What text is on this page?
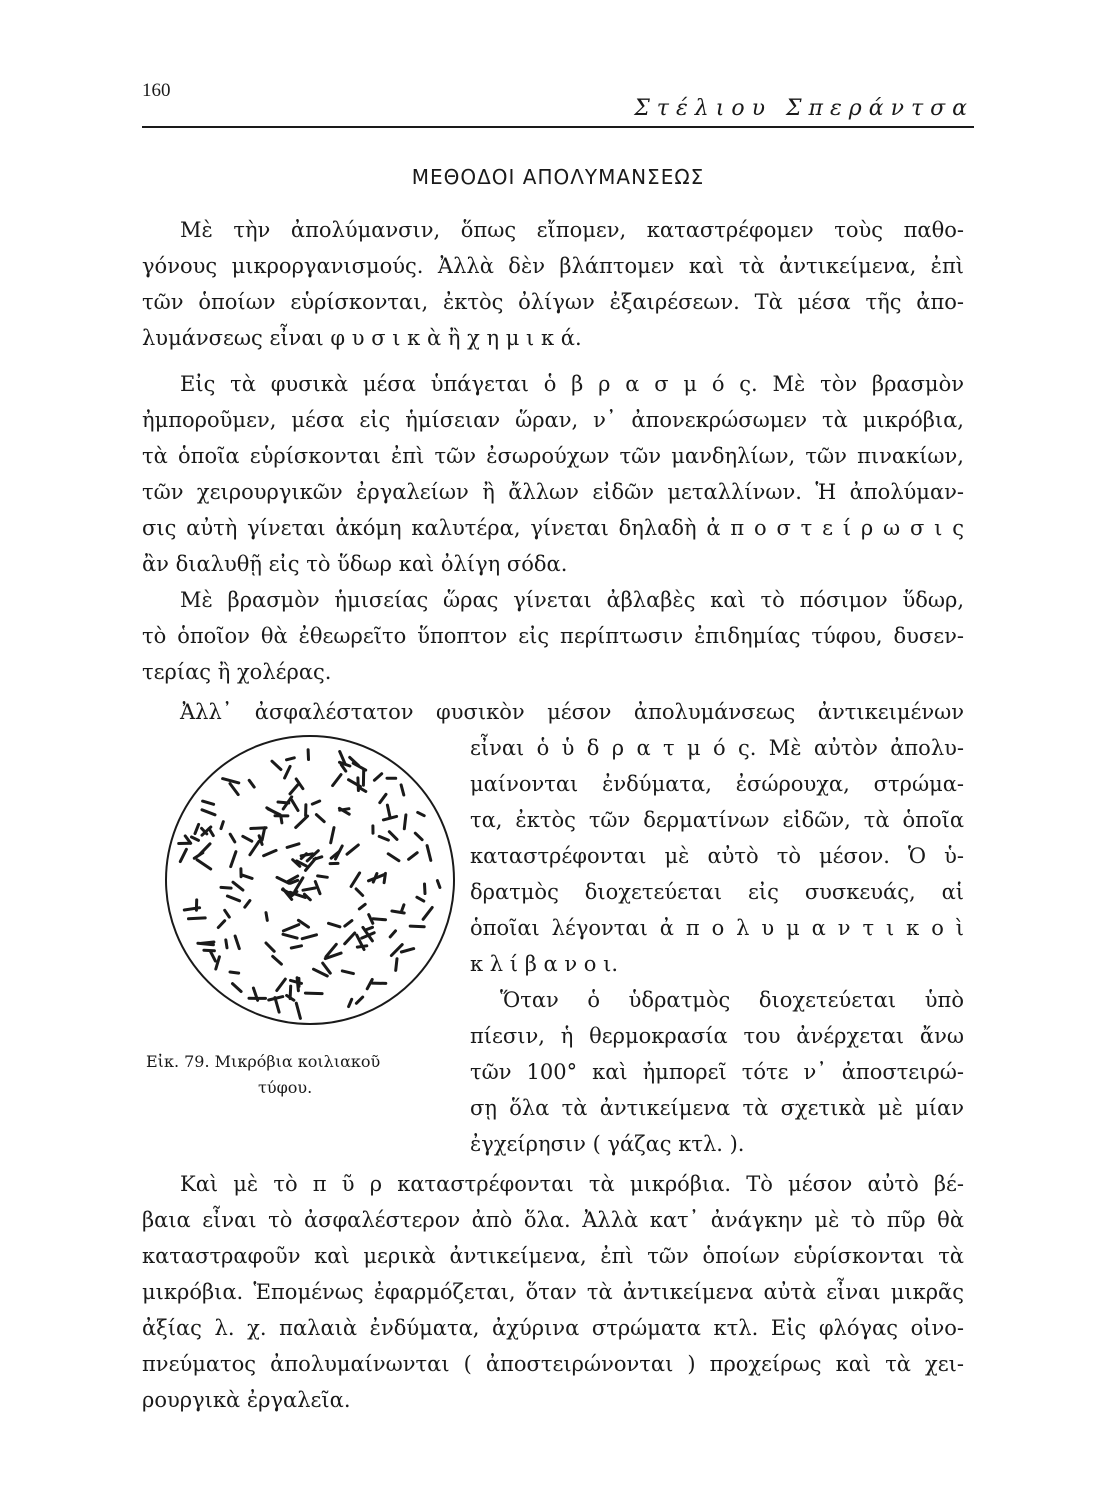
160
Στέλιου Σπεράντσα
ΜΕΘΟΔΟΙ ΑΠΟΛΥΜΑΝΣΕΩΣ
Μὲ τὴν ἀπολύμανσιν, ὅπως εἴπομεν, καταστρέφομεν τοὺς παθο-
γόνους μικροργανισμούς. Ἀλλὰ δὲν βλάπτομεν καὶ τὰ ἀντικείμενα, ἐπὶ
τῶν ὁποίων εὑρίσκονται, ἐκτὸς ὀλίγων ἐξαιρέσεων. Τὰ μέσα τῆς ἀπο-
λυμάνσεως εἶναι φ υ σ ι κ ὰ ἢ χ η μ ι κ ά.
Εἰς τὰ φυσικὰ μέσα ὑπάγεται ὁ β ρ α σ μ ό ς. Μὲ τὸν βρασμὸν
ἠμποροῦμεν, μέσα εἰς ἡμίσειαν ὥραν, ν᾽ ἀπονεκρώσωμεν τὰ μικρόβια,
τὰ ὁποῖα εὑρίσκονται ἐπὶ τῶν ἐσωρούχων τῶν μανδηλίων, τῶν πινακίων,
τῶν χειρουργικῶν ἐργαλείων ἢ ἄλλων εἰδῶν μεταλλίνων. Ἡ ἀπολύμαν-
σις αὐτὴ γίνεται ἀκόμη καλυτέρα, γίνεται δηλαδὴ ἀ π ο σ τ ε ί ρ ω σ ι ς
ἂν διαλυθῇ εἰς τὸ ὕδωρ καὶ ὀλίγη σόδα.
Μὲ βρασμὸν ἡμισείας ὥρας γίνεται ἀβλαβὲς καὶ τὸ πόσιμον ὕδωρ,
τὸ ὁποῖον θὰ ἐθεωρεῖτο ὕποπτον εἰς περίπτωσιν ἐπιδημίας τύφου, δυσεν-
τερίας ἢ χολέρας.
Ἀλλ᾽ ἀσφαλέστατον φυσικὸν μέσον ἀπολυμάνσεως ἀντικειμένων
εἶναι ὁ ὑ δ ρ α τ μ ό ς. Μὲ αὐτὸν ἀπολυ-
μαίνονται ἐνδύματα, ἐσώρουχα, στρώμα-
τα, ἐκτὸς τῶν δερματίνων εἰδῶν, τὰ ὁποῖα
καταστρέφονται μὲ αὐτὸ τὸ μέσον. Ὁ ὑ-
δρατμὸς διοχετεύεται εἰς συσκευάς, αἱ
ὁποῖαι λέγονται ἀ π ο λ υ μ α ν τ ι κ ο ὶ
κ λ ί β α ν ο ι.
Ὅταν ὁ ὑδρατμὸς διοχετεύεται ὑπὸ
πίεσιν, ἡ θερμοκρασία του ἀνέρχεται ἄνω
τῶν 100° καὶ ἠμπορεῖ τότε ν᾽ ἀποστειρώ-
σῃ ὅλα τὰ ἀντικείμενα τὰ σχετικὰ μὲ μίαν
ἐγχείρησιν ( γάζας κτλ. ).
Καὶ μὲ τὸ π ῦ ρ καταστρέφονται τὰ μικρόβια. Τὸ μέσον αὐτὸ βέ-
βαια εἶναι τὸ ἀσφαλέστερον ἀπὸ ὅλα. Ἀλλὰ κατ᾽ ἀνάγκην μὲ τὸ πῦρ θὰ
καταστραφοῦν καὶ μερικὰ ἀντικείμενα, ἐπὶ τῶν ὁποίων εὑρίσκονται τὰ
μικρόβια. Ἑπομένως ἐφαρμόζεται, ὅταν τὰ ἀντικείμενα αὐτὰ εἶναι μικρᾶς
ἀξίας λ. χ. παλαιὰ ἐνδύματα, ἀχύρινα στρώματα κτλ. Εἰς φλόγας οἰνο-
πνεύματος ἀπολυμαίνωνται ( ἀποστειρώνονται ) προχείρως καὶ τὰ χει-
ρουργικὰ ἐργαλεῖα.
Εἰκ. 79. Μικρόβια κοιλιακοῦ
τύφου.
